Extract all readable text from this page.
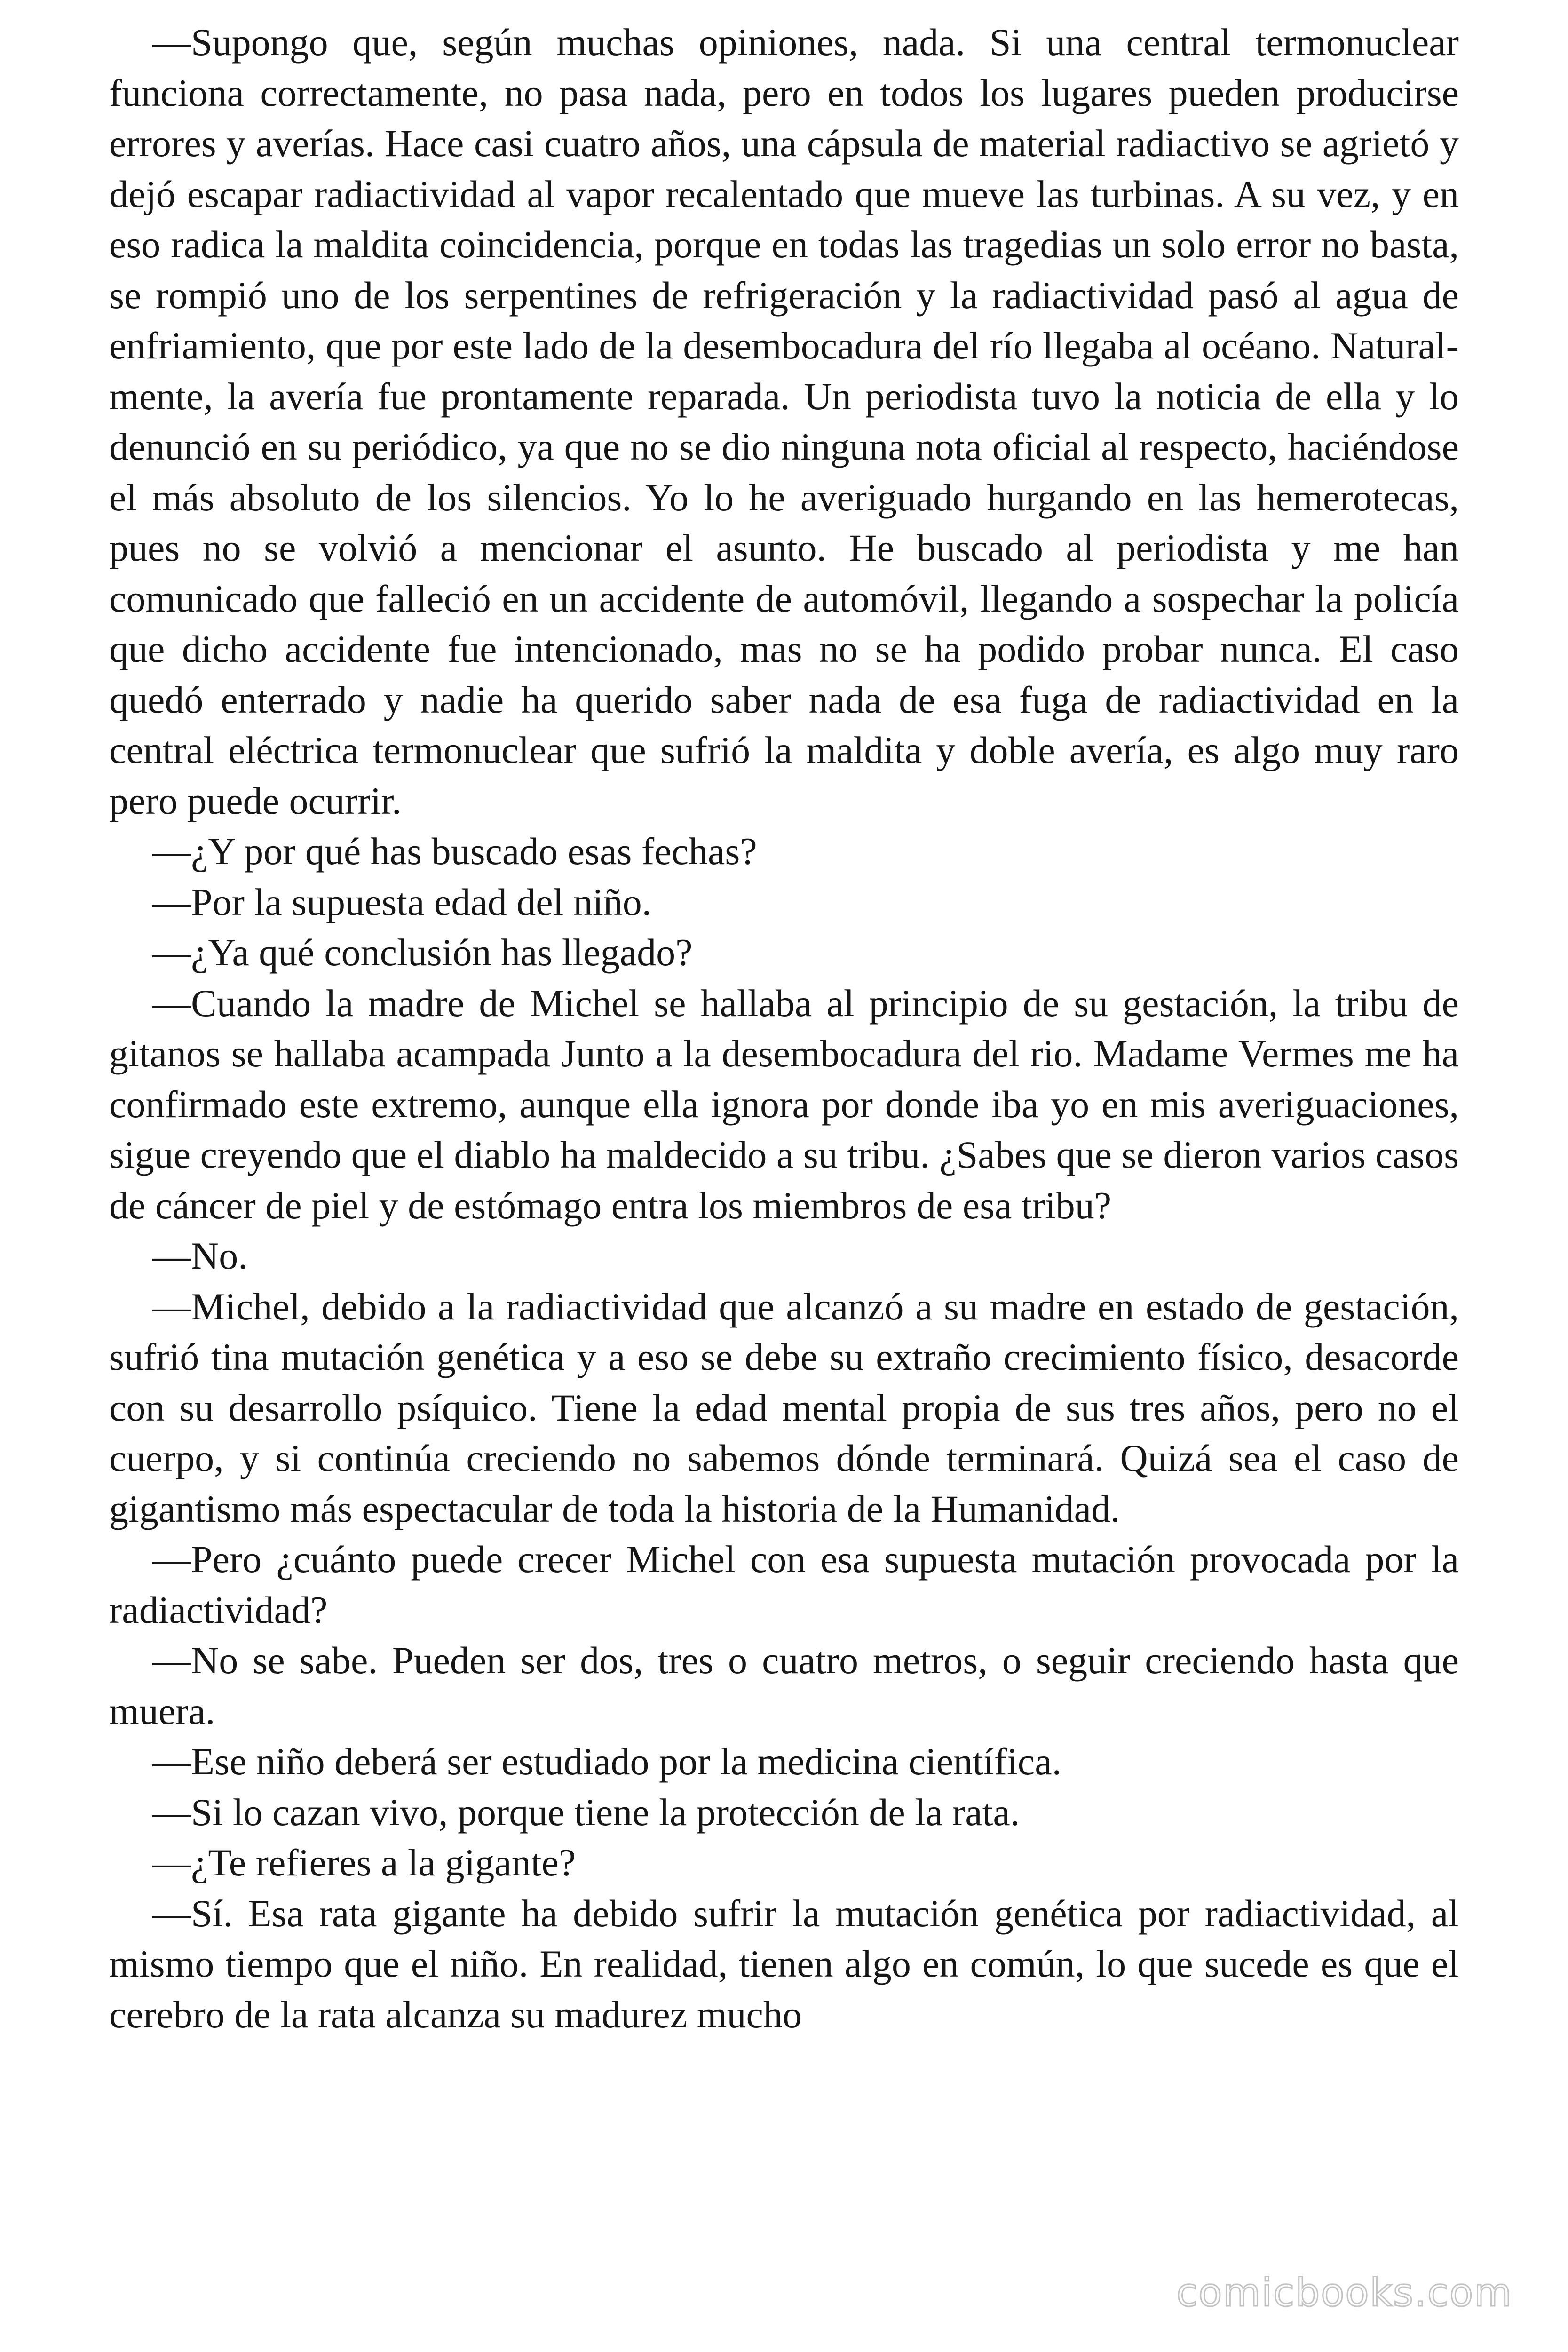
—Supongo que, según muchas opiniones, nada. Si una central termonuclear funciona correctamente, no pasa nada, pero en todos los lugares pueden producirse errores y averías. Hace casi cuatro años, una cápsula de material radiactivo se agrietó y dejó escapar radiactividad al vapor recalentado que mueve las turbinas. A su vez, y en eso radica la maldita coincidencia, porque en todas las tragedias un solo error no basta, se rompió uno de los serpentines de refrigeración y la radiactividad pasó al agua de enfriamiento, que por este lado de la desembocadura del río llegaba al océano. Natural-mente, la avería fue prontamente reparada. Un periodista tuvo la noticia de ella y lo denunció en su periódico, ya que no se dio ninguna nota oficial al respecto, haciéndose el más absoluto de los silencios. Yo lo he averiguado hurgando en las hemerotecas, pues no se volvió a mencionar el asunto. He buscado al periodista y me han comunicado que falleció en un accidente de automóvil, llegando a sospechar la policía que dicho accidente fue intencionado, mas no se ha podido probar nunca. El caso quedó enterrado y nadie ha querido saber nada de esa fuga de radiactividad en la central eléctrica termonuclear que sufrió la maldita y doble avería, es algo muy raro pero puede ocurrir.

—¿Y por qué has buscado esas fechas?

—Por la supuesta edad del niño.

—¿Ya qué conclusión has llegado?

—Cuando la madre de Michel se hallaba al principio de su gestación, la tribu de gitanos se hallaba acampada Junto a la desembocadura del rio. Madame Vermes me ha confirmado este extremo, aunque ella ignora por donde iba yo en mis averiguaciones, sigue creyendo que el diablo ha maldecido a su tribu. ¿Sabes que se dieron varios casos de cáncer de piel y de estómago entra los miembros de esa tribu?

—No.

—Michel, debido a la radiactividad que alcanzó a su madre en estado de gestación, sufrió tina mutación genética y a eso se debe su extraño crecimiento físico, desacorde con su desarrollo psíquico. Tiene la edad mental propia de sus tres años, pero no el cuerpo, y si continúa creciendo no sabemos dónde terminará. Quizá sea el caso de gigantismo más espectacular de toda la historia de la Humanidad.

—Pero ¿cuánto puede crecer Michel con esa supuesta mutación provocada por la radiactividad?

—No se sabe. Pueden ser dos, tres o cuatro metros, o seguir creciendo hasta que muera.

—Ese niño deberá ser estudiado por la medicina científica.

—Si lo cazan vivo, porque tiene la protección de la rata.

—¿Te refieres a la gigante?

—Sí. Esa rata gigante ha debido sufrir la mutación genética por radiactividad, al mismo tiempo que el niño. En realidad, tienen algo en común, lo que sucede es que el cerebro de la rata alcanza su madurez mucho

comicbooks.com
